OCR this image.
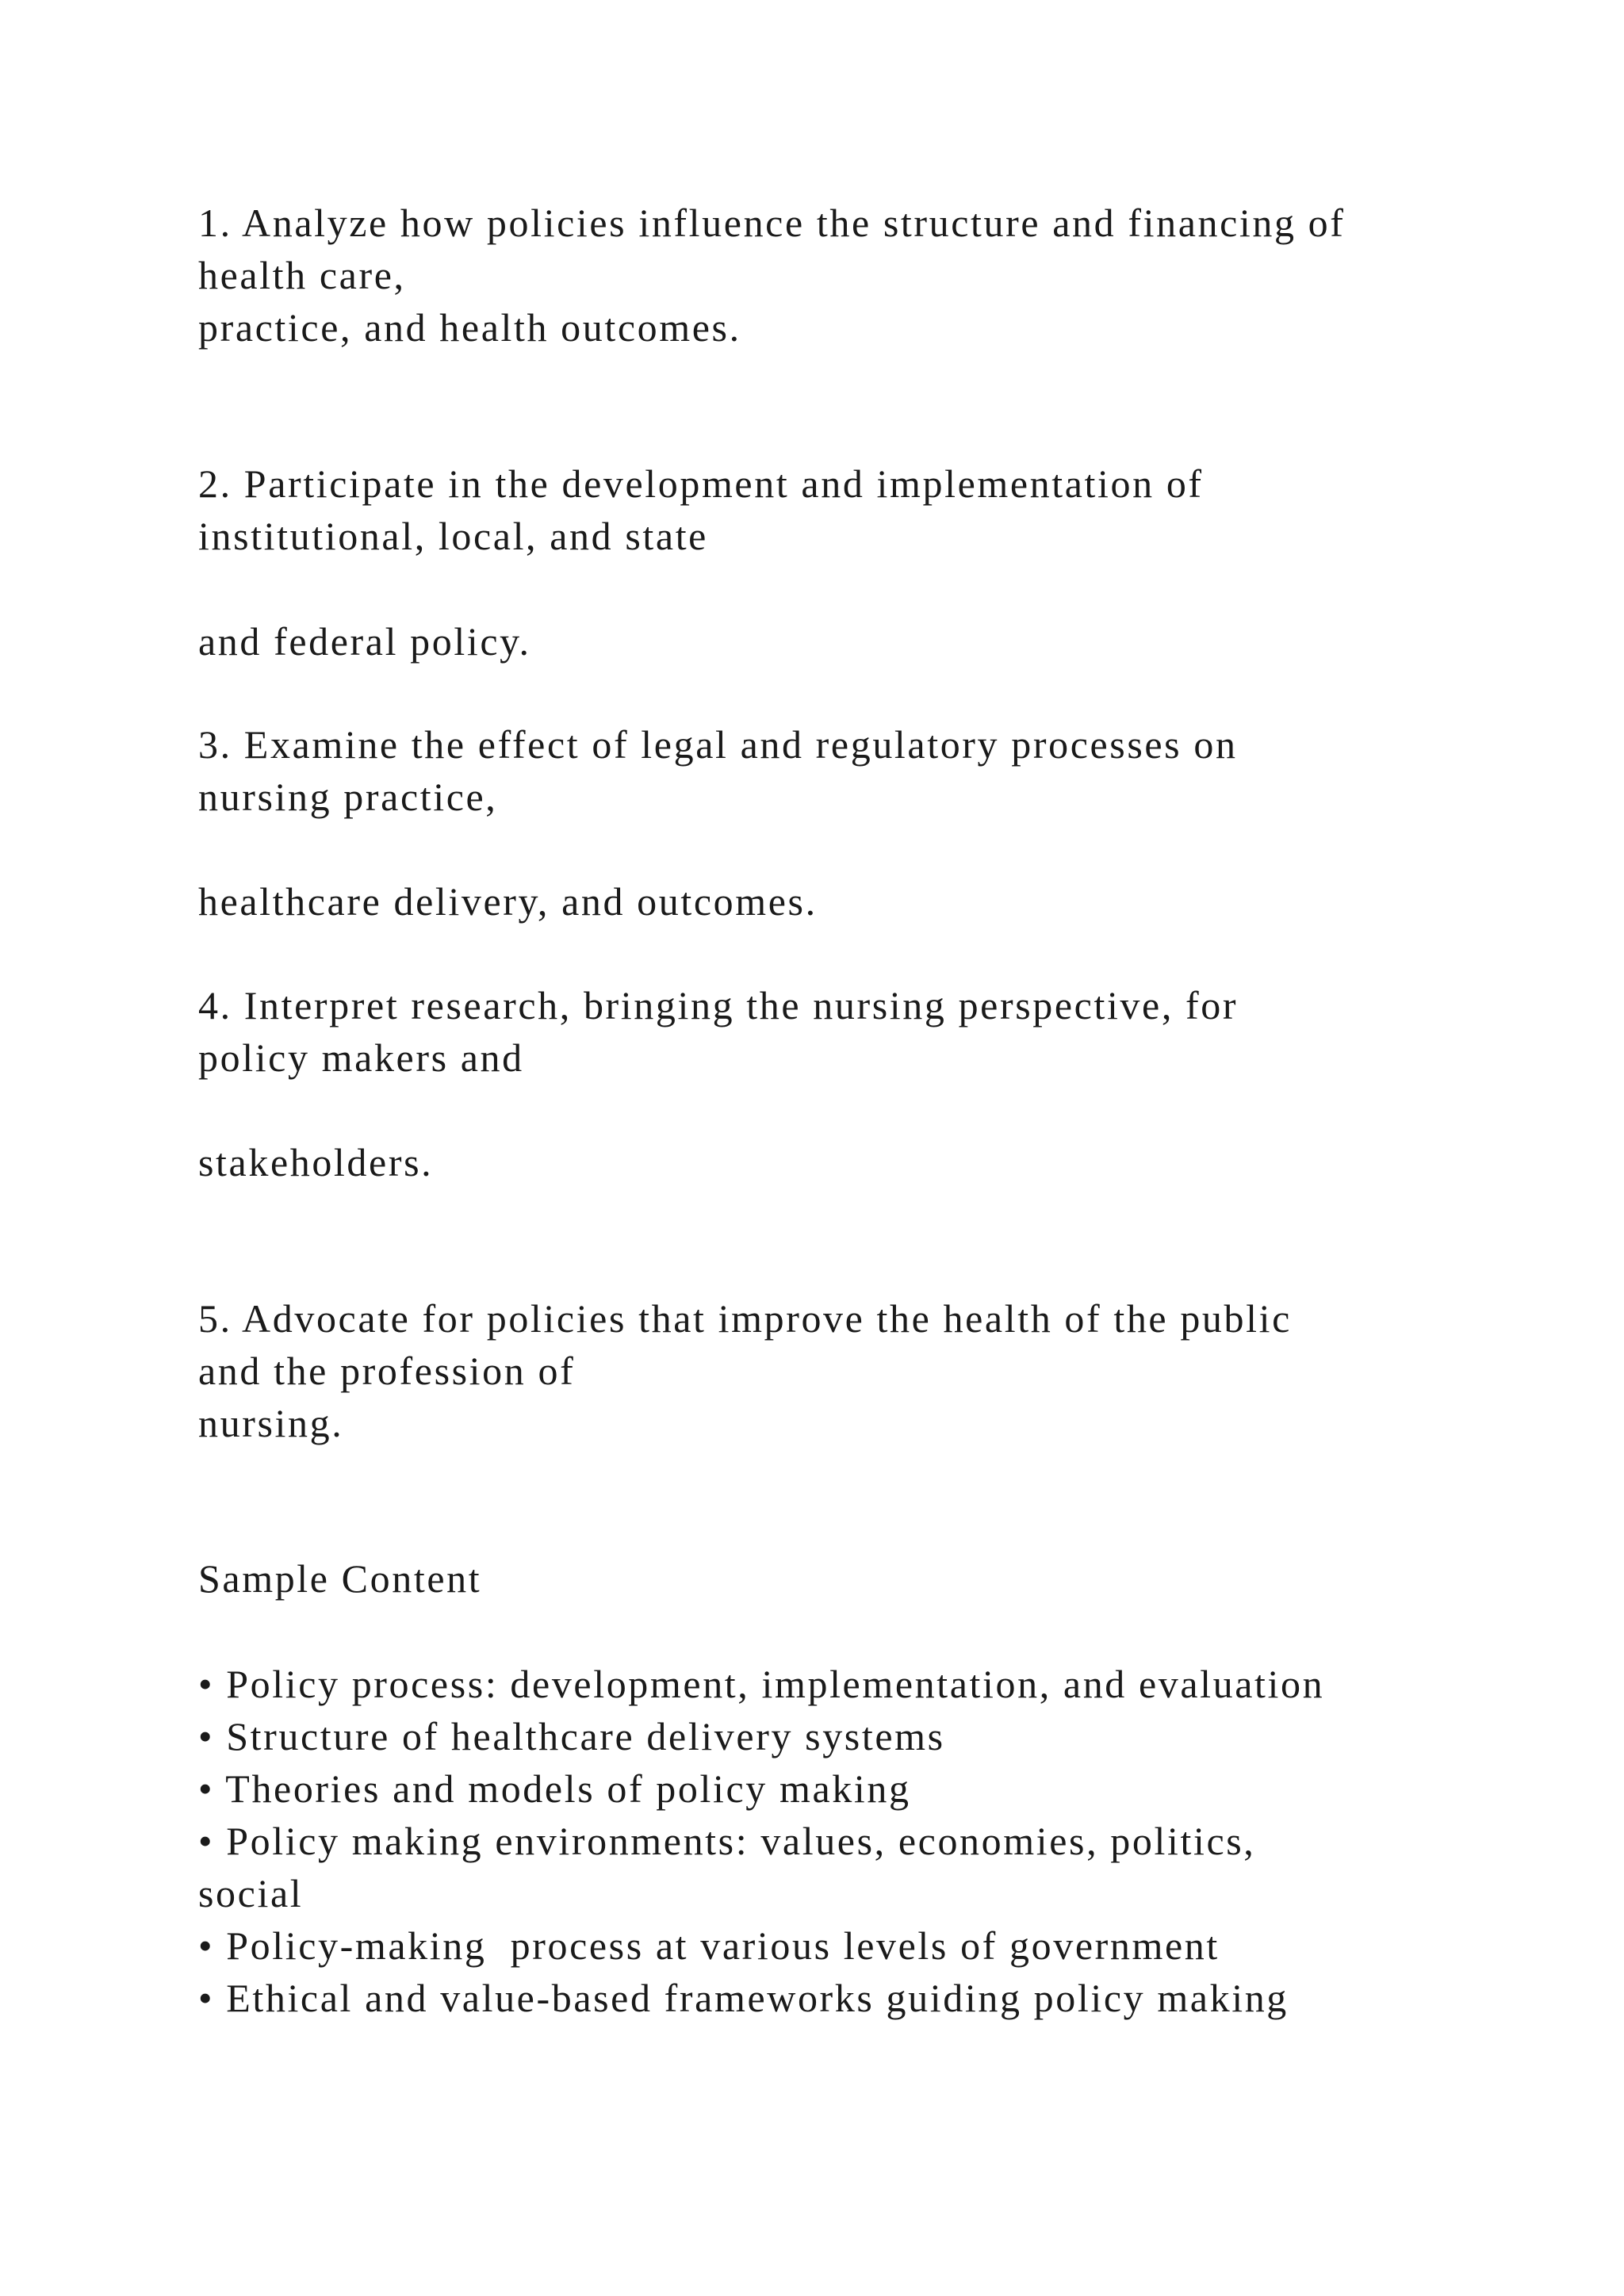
1. Analyze how policies influence the structure and financing of

health care,

practice, and health outcomes.

2. Participate in the development and implementation of

institutional, local, and state

and federal policy.

3. Examine the effect of legal and regulatory processes on

nursing practice,

healthcare delivery, and outcomes.

4. Interpret research, bringing the nursing perspective, for

policy makers and

stakeholders.

5. Advocate for policies that improve the health of the public

and the profession of

nursing.

Sample Content

• Policy process: development, implementation, and evaluation

• Structure of healthcare delivery systems

• Theories and models of policy making

• Policy making environments: values, economies, politics,

social

• Policy-making  process at various levels of government

• Ethical and value-based frameworks guiding policy making
